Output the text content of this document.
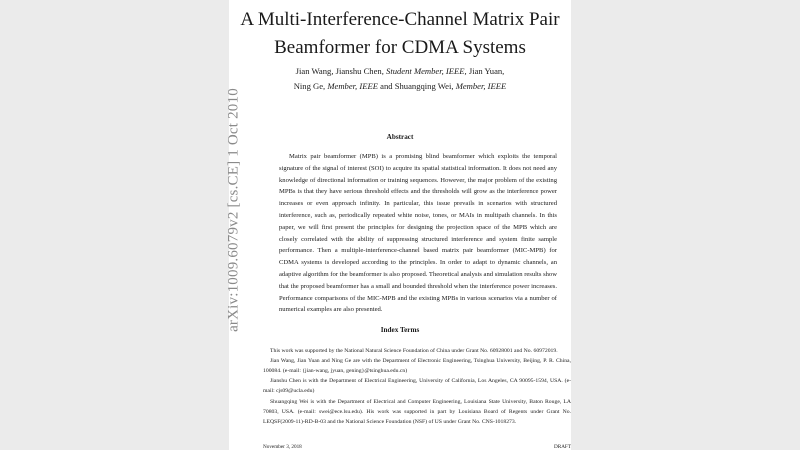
arXiv:1009.6079v2 [cs.CE] 1 Oct 2010
A Multi-Interference-Channel Matrix Pair
Beamformer for CDMA Systems
Jian Wang, Jianshu Chen, Student Member, IEEE, Jian Yuan,
Ning Ge, Member, IEEE and Shuangqing Wei, Member, IEEE
Abstract

Matrix pair beamformer (MPB) is a promising blind beamformer which exploits the temporal signature of the signal of interest (SOI) to acquire its spatial statistical information. It does not need any knowledge of directional information or training sequences. However, the major problem of the existing MPBs is that they have serious threshold effects and the thresholds will grow as the interference power increases or even approach infinity. In particular, this issue prevails in scenarios with structured interference, such as, periodically repeated white noise, tones, or MAIs in multipath channels. In this paper, we will first present the principles for designing the projection space of the MPB which are closely correlated with the ability of suppressing structured interference and system finite sample performance. Then a multiple-interference-channel based matrix pair beamformer (MIC-MPB) for CDMA systems is developed according to the principles. In order to adapt to dynamic channels, an adaptive algorithm for the beamformer is also proposed. Theoretical analysis and simulation results show that the proposed beamformer has a small and bounded threshold when the interference power increases. Performance comparisons of the MIC-MPB and the existing MPBs in various scenarios via a number of numerical examples are also presented.

Index Terms

This work was supported by the National Natural Science Foundation of China under Grant No. 60928001 and No. 60972019.

Jian Wang, Jian Yuan and Ning Ge are with the Department of Electronic Engineering, Tsinghua University, Beijing, P. R. China, 100084. (e-mail: {jian-wang, jyuan, gening}@tsinghua.edu.cn)

Jianshu Chen is with the Department of Electrical Engineering, University of California, Los Angeles, CA 90095-1594, USA. (e-mail: cjs09@ucla.edu)

Shuangqing Wei is with the Department of Electrical and Computer Engineering, Louisiana State University, Baton Rouge, LA 70803, USA. (e-mail: swei@ece.lsu.edu). His work was supported in part by Louisiana Board of Regents under Grant No. LEQSF(2009-11)-RD-B-03 and the National Science Foundation (NSF) of US under Grant No. CNS-1018273.

November 3, 2018	DRAFT
